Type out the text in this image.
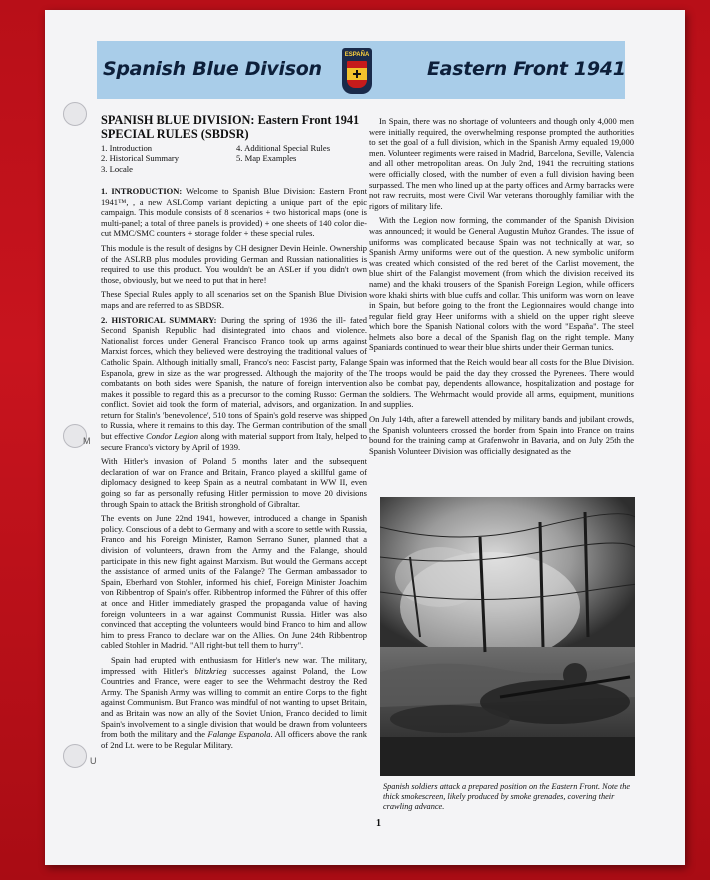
M
U
Spanish Blue Divison	Eastern Front 1941
ESPAÑA
SPANISH BLUE DIVISION: Eastern Front 1941
SPECIAL RULES (SBDSR)
1. Introduction
2. Historical Summary
3. Locale
4. Additional Special Rules
5. Map Examples

1. INTRODUCTION: Welcome to Spanish Blue Division: Eastern Front 1941™, , a new ASLComp variant depicting a unique part of the epic campaign. This module consists of 8 scenarios + two historical maps (one is multi-panel; a total of three panels is provided) + one sheets of 140 color die-cut MMC/SMC counters + storage folder + these special rules.

This module is the result of designs by CH designer Devin Heinle. Ownership of the ASLRB plus modules providing German and Russian nationalities is required to use this product. You wouldn't be an ASLer if you didn't own those, obviously, but we need to put that in here!

These Special Rules apply to all scenarios set on the Spanish Blue Division maps and are referred to as SBDSR.

2. HISTORICAL SUMMARY: During the spring of 1936 the ill- fated Second Spanish Republic had disintegrated into chaos and violence. Nationalist forces under General Francisco Franco took up arms against Marxist forces, which they believed were destroying the traditional values of Catholic Spain. Although initially small, Franco's neo: Fascist party, Falange Espanola, grew in size as the war progressed. Although the majority of the combatants on both sides were Spanish, the nature of foreign intervention makes it possible to regard this as a precursor to the coming Russo: German conflict. Soviet aid took the form of material, advisors, and organization. In return for Stalin's 'benevolence', 510 tons of Spain's gold reserve was shipped to Russia, where it remains to this day. The German contribution of the small but effective Condor Legion along with material support from Italy, helped to secure Franco's victory by April of 1939.

With Hitler's invasion of Poland 5 months later and the subsequent declaration of war on France and Britain, Franco played a skillful game of diplomacy designed to keep Spain as a neutral combatant in WW II, even going so far as personally refusing Hitler permission to move 20 divisions through Spain to attack the British stronghold of Gibraltar.

The events on June 22nd 1941, however, introduced a change in Spanish policy. Conscious of a debt to Germany and with a score to settle with Russia, Franco and his Foreign Minister, Ramon Serrano Suner, planned that a division of volunteers, drawn from the Army and the Falange, should participate in this new fight against Marxism. But would the Germans accept the assistance of armed units of the Falange? The German ambassador to Spain, Eberhard von Stohler, informed his chief, Foreign Minister Joachim von Ribbentrop of Spain's offer. Ribbentrop informed the Führer of this offer at once and Hitler immediately grasped the propaganda value of having foreign volunteers in a war against Communist Russia. Hitler was also convinced that accepting the volunteers would bind Franco to him and allow him to press Franco to declare war on the Allies. On June 24th Ribbentrop cabled Stohler in Madrid. "All right-but tell them to hurry".

Spain had erupted with enthusiasm for Hitler's new war. The military, impressed with Hitler's blitzkrieg successes against Poland, the Low Countries and France, were eager to see the Wehrmacht destroy the Red Army. The Spanish Army was willing to commit an entire Corps to the fight against Communism. But Franco was mindful of not wanting to upset Britain, and as Britain was now an ally of the Soviet Union, Franco decided to limit Spain's involvement to a single division that would be drawn from volunteers from both the military and the Falange Espanola. All officers above the rank of 2nd Lt. were to be Regular Military.

In Spain, there was no shortage of volunteers and though only 4,000 men were initially required, the overwhelming response prompted the authorities to set the goal of a full division, which in the Spanish Army equaled 19,000 men. Volunteer regiments were raised in Madrid, Barcelona, Seville, Valencia and all other metropolitan areas. On July 2nd, 1941 the recruiting stations were officially closed, with the number of even a full division having been surpassed. The men who lined up at the party offices and Army barracks were not raw recruits, most were Civil War veterans thoroughly familiar with the rigors of military life.

With the Legion now forming, the commander of the Spanish Division was announced; it would be General Augustin Muñoz Grandes. The issue of uniforms was complicated because Spain was not technically at war, so Spanish Army uniforms were out of the question. A new symbolic uniform was created which consisted of the red beret of the Carlist movement, the blue shirt of the Falangist movement (from which the division received its name) and the khaki trousers of the Spanish Foreign Legion, while officers wore khaki shirts with blue cuffs and collar. This uniform was worn on leave in Spain, but before going to the front the Legionnaires would change into regular field gray Heer uniforms with a shield on the upper right sleeve which bore the Spanish National colors with the word "España". The steel helmets also bore a decal of the Spanish flag on the right temple. Many Spaniards continued to wear their blue shirts under their German tunics.

Spain was informed that the Reich would bear all costs for the Blue Division. The troops would be paid the day they crossed the Pyrenees. There would also be combat pay, dependents allowance, hospitalization and postage for the soldiers. The Wehrmacht would provide all arms, equipment, munitions and supplies.

On July 14th, after a farewell attended by military bands and jubilant crowds, the Spanish volunteers crossed the border from Spain into France on trains bound for the training camp at Grafenwohr in Bavaria, and on July 25th the Spanish Volunteer Division was officially designated as the

Spanish soldiers attack a prepared position on the Eastern Front. Note the thick smokescreen, likely produced by smoke grenades, covering their crawling advance.
1
